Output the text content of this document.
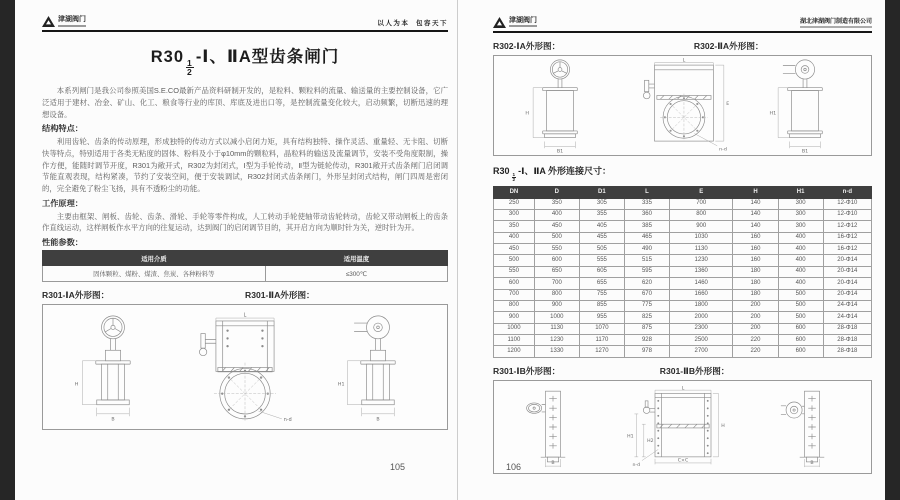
津湖阀门
以人为本  包容天下
R30
$\frac{1}{2}$
-Ⅰ、ⅡA型齿条闸门

本系列闸门是我公司参照美国S.E.CO最新产品资料研制开发的，是粒料、颗粒料的流量、输送量的主要控制设备，它广泛适用于建材、冶金、矿山、化工、粮食等行业的库顶、库底及进出口等，是控制流量变化较大，启动频繁，切断迅速的理想设备。

结构特点：

利用齿轮、齿条的传动原理，形成独特的传动方式以减小启闭力矩，具有结构独特、操作灵活、重量轻、无卡阻、切断快等特点，特别适用于各类无粘度的固体、粉料及小于φ10mm的颗粒料，晶粒料的输送及流量调节，安装不受角度限制，操作方便，能随时调节开度，R301为敞开式，R302为封闭式，Ⅰ型为手轮传动，Ⅱ型为链轮传动，R301敞开式齿条闸门启闭调节能直观表现，结构紧凑，节约了安装空间，便于安装调试，R302封闭式齿条闸门，外形呈封闭式结构，闸门四周是密闭的，完全避免了粉尘飞扬，具有不透粉尘的功能。

工作原理：

主要由框架、闸板、齿轮、齿条、滑轮、手轮等零件构成，人工转动手轮使轴带动齿轮转动，齿轮又带动闸板上的齿条作直线运动，这样闸板作水平方向的往复运动，达到阀门的启闭调节目的，其开启方向为顺时针为关，逆时针为开。

性能参数：
适用介质	适用温度
固体颗粒、煤粉、煤渣、焦炭、各种粉料等	≤300℃
R301-ⅠA外形图：	R301-ⅡA外形图：
H
B
L
n-d
H1
B
105
津湖阀门	湖北津湖阀门制造有限公司
R302-ⅠA外形图：	R302-ⅡA外形图：
H
B1
L
E
n-d
H1
B1
R30
$\frac{1}{2}$
-Ⅰ、ⅡA 外形连接尺寸：
DN	D	D1	L	E	H	H1	n-d
250	350	305	335	700	140	300	12-Φ10
300	400	355	360	800	140	300	12-Φ10
350	450	405	385	900	140	300	12-Φ12
400	500	455	465	1030	160	400	16-Φ12
450	550	505	490	1130	160	400	16-Φ12
500	600	555	515	1230	160	400	20-Φ14
550	650	605	595	1360	180	400	20-Φ14
600	700	655	620	1460	180	400	20-Φ14
700	800	755	670	1660	180	500	20-Φ14
800	900	855	775	1800	200	500	24-Φ14
900	1000	955	825	2000	200	500	24-Φ14
1000	1130	1070	875	2300	200	600	28-Φ18
1100	1230	1170	928	2500	220	600	28-Φ18
1200	1330	1270	978	2700	220	600	28-Φ18
R301-ⅠB外形图：	R301-ⅡB外形图：
B
L
H
H1
H2
C×C
n-d	B
106
